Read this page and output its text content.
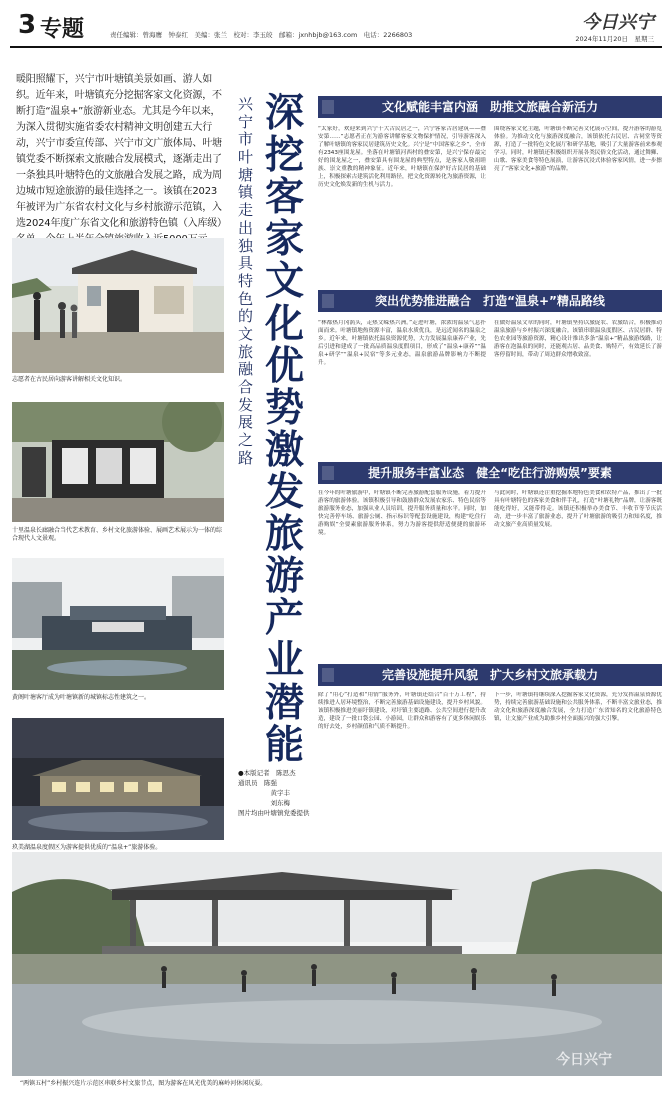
3 专题	责任编辑：曾海鹰　钟泰红　美编：张兰　校对：李玉皎　邮箱：jxnhbjb@163.com　电话：2266803
今日兴宁
2024年11月20日　星期三
暖阳照耀下，兴宁市叶塘镇美景如画、游人如织。近年来，叶塘镇充分挖掘客家文化资源，不断打造“温泉+”旅游新业态。尤其是今年以来，为深入贯彻实施省委农村精神文明创建五大行动，兴宁市委宣传部、兴宁市文广旅体局、叶塘镇党委不断探索文旅融合发展模式，逐渐走出了一条独具叶塘特色的文旅融合发展之路，成为周边城市短途旅游的最佳选择之一。该镇在2023年被评为广东省农村文化与乡村旅游示范镇，入选2024年度广东省文化和旅游特色镇（入库级）
志愿者在古民居向游客讲解相关文化知识。
十里温泉长廊融合当代艺术教育、乡村文化旅游体验、展画艺术展示为一体的综合现代人文景观。
黄阁叶塘客厅成为叶塘镇新的城镇标志性建筑之一。
玖美湖温泉度假区为游客提供优质的“温泉+”旅游体验。
兴宁市叶塘镇走出独具特色的文旅融合发展之路
深挖客家文化优势　激发旅游产业潜能
文化赋能丰富内涵　助推文旅融合新活力
“太家好，欢迎来到兴宁十大古民居之一，兴宁客家古居建筑——叠安第……”志愿者正在为游客讲解客家文物保护情况，引导游客深入了解叶塘镇的客家民居建筑历史文化。兴宁是“中国客家之乡”，全市有2343座围龙屋。坐落在叶塘镇河西村的叠安第，是兴宁保存最完好的围龙屋之一，叠安第具有围龙屋的典型特点，是客家人敬祖睦族、崇文重教的精神象征。近年来，叶塘镇在保护好古民居的基础上，积极探索古建筑活化利用路径，把文化资源转化为旅游资源，让历史文化焕发新的生机与活力。
围绕客家文化主题，叶塘镇不断完善文化展示空间，提升游客的游览体验。为推动文化与旅游深度融合，该镇依托古民居、古祠堂等资源，打造了一批特色文化展厅和研学基地，吸引了大量游客前来参观学习。同时，叶塘镇还积极组织开展各类民俗文化活动，通过舞狮、山歌、客家美食等特色展演，让游客沉浸式体验客家风情，进一步擦亮了“客家文化+旅游”的品牌。
突出优势推进融合　打造“温泉+”精品路线
“林都热月冈涡头，走热文嵘热兴洲。”走进叶塘，浓浓的温泉气息扑面而来。叶塘镇地热资源丰富，温泉水质优良，是远近闻名的温泉之乡。近年来，叶塘镇依托温泉资源优势，大力发展温泉康养产业，先后引进和建成了一批高品质温泉度假项目，形成了“温泉+康养”“温泉+研学”“温泉+民宿”等多元业态，温泉旅游品牌影响力不断提升。
在做好温泉文章的同时，叶塘镇坚持以旅促农、农旅结合，积极推动温泉旅游与乡村振兴深度融合。该镇串联温泉度假区、古民居群、特色农业园等旅游资源，精心设计推出多条“温泉+”精品旅游线路，让游客在泡温泉的同时，还能观古居、品美食、购特产，有效延长了游客停留时间，带动了周边群众增收致富。
提升服务丰富业态　健全“吃住行游购娱”要素
在今年的叶塘旅游中，叶塘镇不断完善旅游配套服务设施，着力提升游客的旅游体验。该镇积极引导和鼓励群众发展农家乐、特色民宿等旅游服务业态，加强从业人员培训，提升服务质量和水平。同时，加快完善停车场、旅游公厕、指示标识等配套设施建设，构建“吃住行游购娱”全要素旅游服务体系，努力为游客提供舒适便捷的旅游环境。
与此同时，叶塘镇还注重挖掘本地特色美食和农特产品，推出了一批具有叶塘特色的客家美食和伴手礼，打造“叶塘礼物”品牌，让游客既能吃得好，又能带得走。该镇还积极举办美食节、丰收节等节庆活动，进一步丰富了旅游业态，提升了叶塘旅游的吸引力和知名度，推动文旅产业高质量发展。
完善设施提升风貌　扩大乡村文旅承载力
除了“用心”打造和“用情”服务外，叶塘镇还结合“百千万工程”，持续推进人居环境整治，不断完善旅游基础设施建设，提升乡村风貌。该镇积极推进美丽圩镇建设，对圩镇主要道路、公共空间进行提升改造，建设了一批口袋公园、小游园，让群众和游客有了更多休闲娱乐的好去处，乡村颜值和气质不断提升。
下一步，叶塘镇将继续深入挖掘客家文化资源，充分发挥温泉资源优势，持续完善旅游基础设施和公共服务体系，不断丰富文旅业态，推动文化和旅游深度融合发展，全力打造广东省知名的文化旅游特色镇，让文旅产业成为助推乡村全面振兴的强大引擎。
●本版记者　陈思杰
通讯员　陈强
　　　　　黄宇丰
　　　　　刘东梅
图片均由叶塘镇党委提供
今日兴宁
“两镇五村”乡村振兴连片示范区串联乡村文旅节点，图为游客在风光优美的麻岭河休闲玩耍。
